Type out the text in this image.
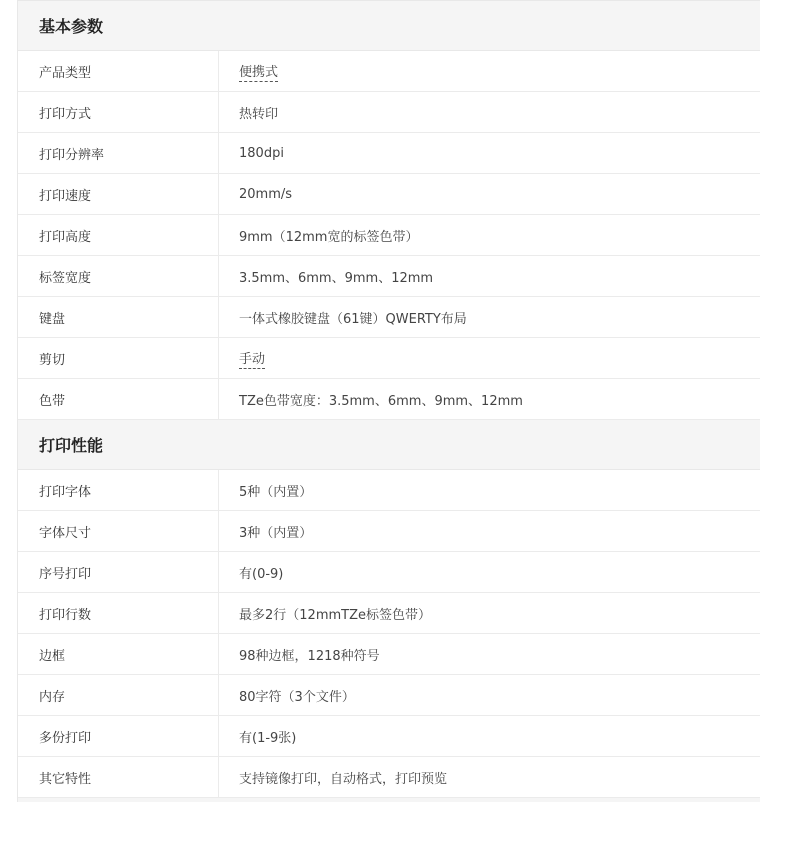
基本参数
产品类型	便携式
打印方式	热转印
打印分辨率	180dpi
打印速度	20mm/s
打印高度	9mm（12mm宽的标签色带）
标签宽度	3.5mm、6mm、9mm、12mm
键盘	一体式橡胶键盘（61键）QWERTY布局
剪切	手动
色带	TZe色带宽度：3.5mm、6mm、9mm、12mm
打印性能
打印字体	5种（内置）
字体尺寸	3种（内置）
序号打印	有(0-9)
打印行数	最多2行（12mmTZe标签色带）
边框	98种边框，1218种符号
内存	80字符（3个文件）
多份打印	有(1-9张)
其它特性	支持镜像打印，自动格式，打印预览
